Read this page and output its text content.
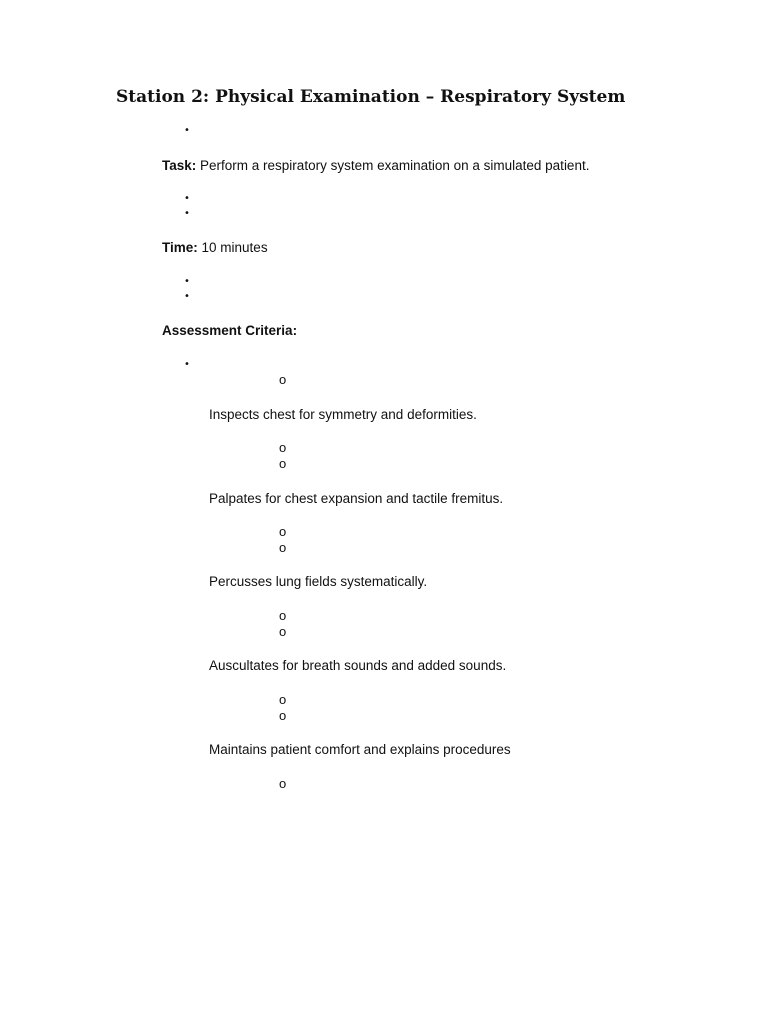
Station 2: Physical Examination – Respiratory System
•
Task: Perform a respiratory system examination on a simulated patient.
•
•
Time: 10 minutes
•
•
Assessment Criteria:
•
o
Inspects chest for symmetry and deformities.
o
o
Palpates for chest expansion and tactile fremitus.
o
o
Percusses lung fields systematically.
o
o
Auscultates for breath sounds and added sounds.
o
o
Maintains patient comfort and explains procedures
o
